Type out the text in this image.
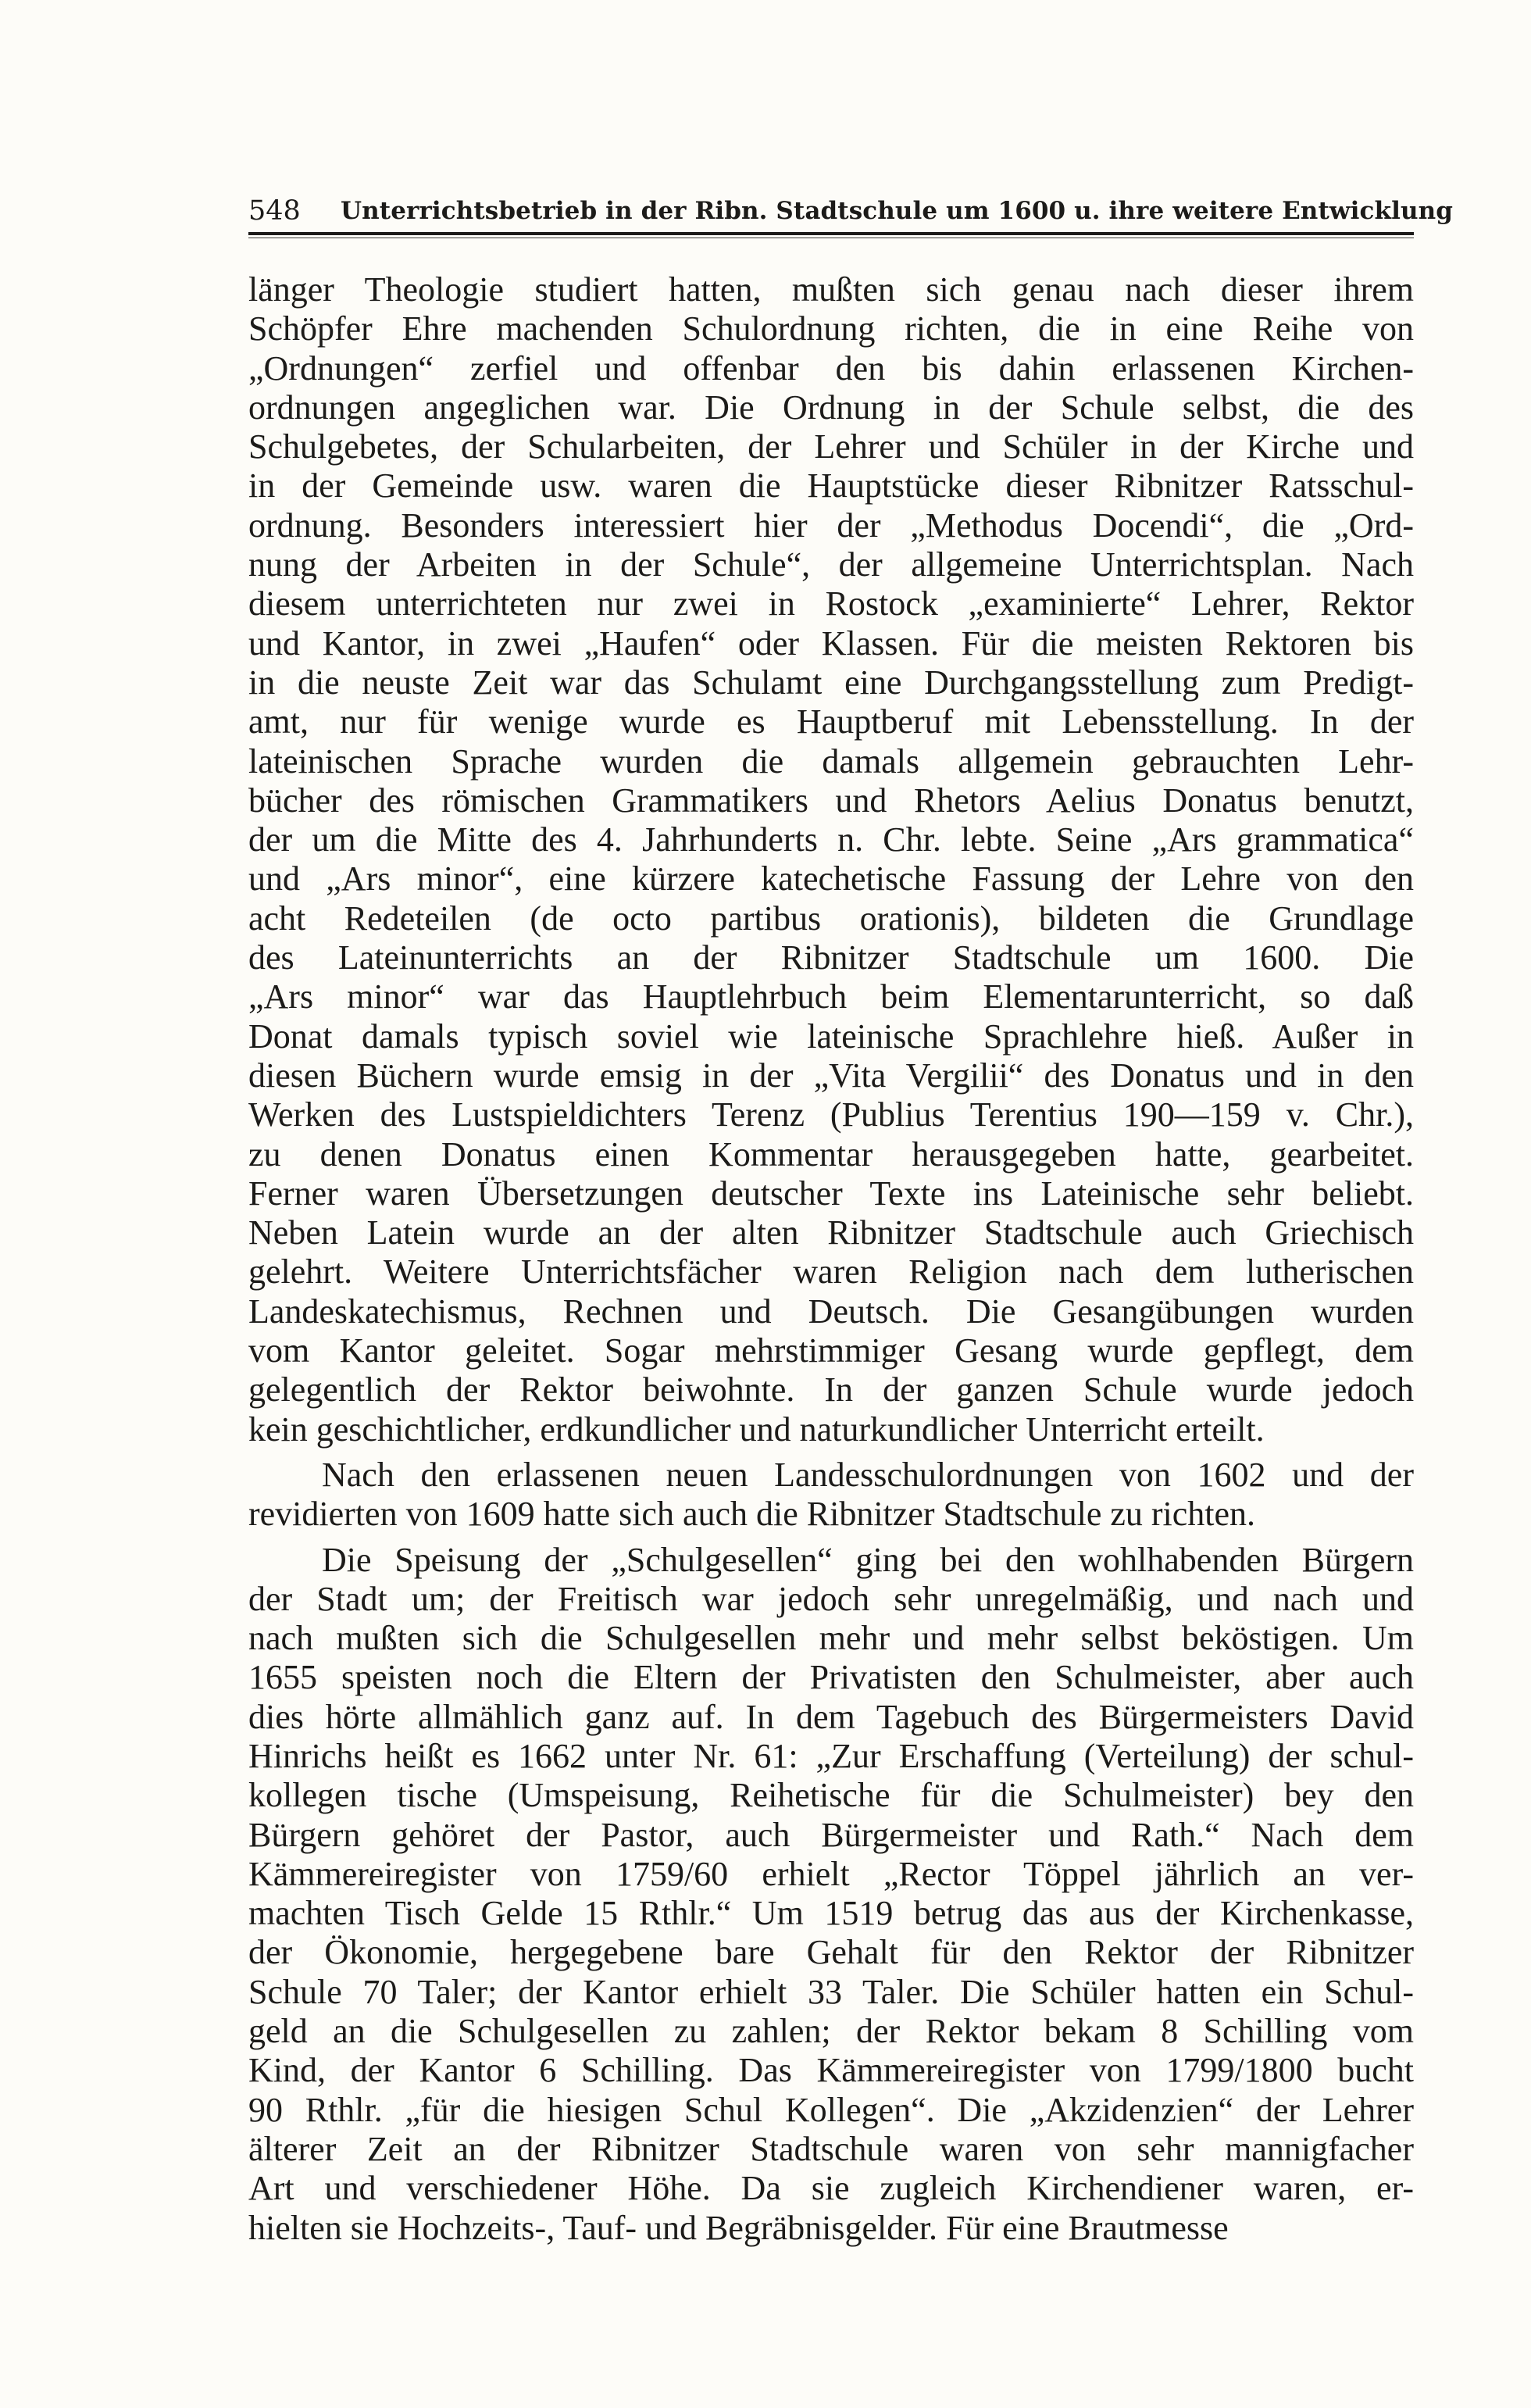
548 Unterrichtsbetrieb in der Ribn. Stadtschule um 1600 u. ihre weitere Entwicklung
länger Theologie studiert hatten, mußten sich genau nach dieser ihrem
Schöpfer Ehre machenden Schulordnung richten, die in eine Reihe von
„Ordnungen“ zerfiel und offenbar den bis dahin erlassenen Kirchen-
ordnungen angeglichen war. Die Ordnung in der Schule selbst, die des
Schulgebetes, der Schularbeiten, der Lehrer und Schüler in der Kirche und
in der Gemeinde usw. waren die Hauptstücke dieser Ribnitzer Ratsschul-
ordnung. Besonders interessiert hier der „Methodus Docendi“, die „Ord-
nung der Arbeiten in der Schule“, der allgemeine Unterrichtsplan. Nach
diesem unterrichteten nur zwei in Rostock „examinierte“ Lehrer, Rektor
und Kantor, in zwei „Haufen“ oder Klassen. Für die meisten Rektoren bis
in die neuste Zeit war das Schulamt eine Durchgangsstellung zum Predigt-
amt, nur für wenige wurde es Hauptberuf mit Lebensstellung. In der
lateinischen Sprache wurden die damals allgemein gebrauchten Lehr-
bücher des römischen Grammatikers und Rhetors Aelius Donatus benutzt,
der um die Mitte des 4. Jahrhunderts n. Chr. lebte. Seine „Ars grammatica“
und „Ars minor“, eine kürzere katechetische Fassung der Lehre von den
acht Redeteilen (de octo partibus orationis), bildeten die Grundlage
des Lateinunterrichts an der Ribnitzer Stadtschule um 1600. Die
„Ars minor“ war das Hauptlehrbuch beim Elementarunterricht, so daß
Donat damals typisch soviel wie lateinische Sprachlehre hieß. Außer in
diesen Büchern wurde emsig in der „Vita Vergilii“ des Donatus und in den
Werken des Lustspieldichters Terenz (Publius Terentius 190—159 v. Chr.),
zu denen Donatus einen Kommentar herausgegeben hatte, gearbeitet.
Ferner waren Übersetzungen deutscher Texte ins Lateinische sehr beliebt.
Neben Latein wurde an der alten Ribnitzer Stadtschule auch Griechisch
gelehrt. Weitere Unterrichtsfächer waren Religion nach dem lutherischen
Landeskatechismus, Rechnen und Deutsch. Die Gesangübungen wurden
vom Kantor geleitet. Sogar mehrstimmiger Gesang wurde gepflegt, dem
gelegentlich der Rektor beiwohnte. In der ganzen Schule wurde jedoch
kein geschichtlicher, erdkundlicher und naturkundlicher Unterricht erteilt.
Nach den erlassenen neuen Landesschulordnungen von 1602 und der
revidierten von 1609 hatte sich auch die Ribnitzer Stadtschule zu richten.
Die Speisung der „Schulgesellen“ ging bei den wohlhabenden Bürgern
der Stadt um; der Freitisch war jedoch sehr unregelmäßig, und nach und
nach mußten sich die Schulgesellen mehr und mehr selbst beköstigen. Um
1655 speisten noch die Eltern der Privatisten den Schulmeister, aber auch
dies hörte allmählich ganz auf. In dem Tagebuch des Bürgermeisters David
Hinrichs heißt es 1662 unter Nr. 61: „Zur Erschaffung (Verteilung) der schul-
kollegen tische (Umspeisung, Reihetische für die Schulmeister) bey den
Bürgern gehöret der Pastor, auch Bürgermeister und Rath.“ Nach dem
Kämmereiregister von 1759/60 erhielt „Rector Töppel jährlich an ver-
machten Tisch Gelde 15 Rthlr.“ Um 1519 betrug das aus der Kirchenkasse,
der Ökonomie, hergegebene bare Gehalt für den Rektor der Ribnitzer
Schule 70 Taler; der Kantor erhielt 33 Taler. Die Schüler hatten ein Schul-
geld an die Schulgesellen zu zahlen; der Rektor bekam 8 Schilling vom
Kind, der Kantor 6 Schilling. Das Kämmereiregister von 1799/1800 bucht
90 Rthlr. „für die hiesigen Schul Kollegen“. Die „Akzidenzien“ der Lehrer
älterer Zeit an der Ribnitzer Stadtschule waren von sehr mannigfacher
Art und verschiedener Höhe. Da sie zugleich Kirchendiener waren, er-
hielten sie Hochzeits-, Tauf- und Begräbnisgelder. Für eine Brautmesse
